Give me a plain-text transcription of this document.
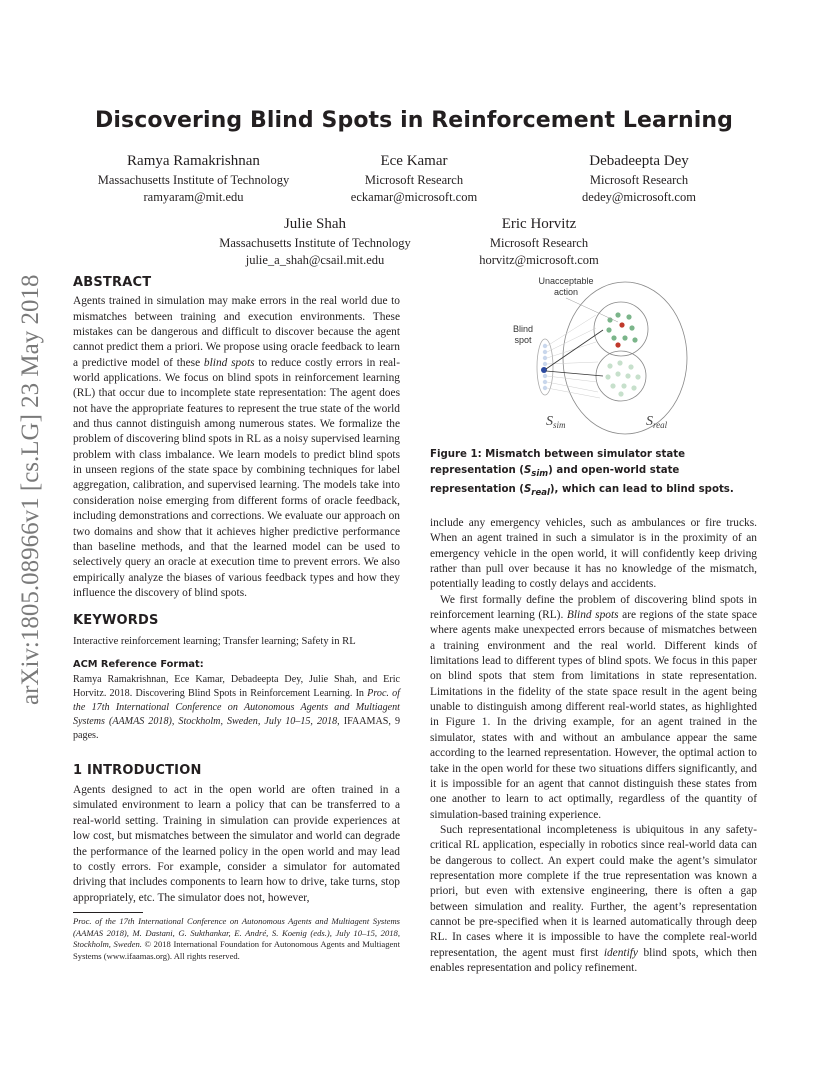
arXiv:1805.08966v1 [cs.LG] 23 May 2018
Discovering Blind Spots in Reinforcement Learning
Ramya Ramakrishnan
Massachusetts Institute of Technology
ramyaram@mit.edu
Ece Kamar
Microsoft Research
eckamar@microsoft.com
Debadeepta Dey
Microsoft Research
dedey@microsoft.com
Julie Shah
Massachusetts Institute of Technology
julie_a_shah@csail.mit.edu
Eric Horvitz
Microsoft Research
horvitz@microsoft.com
ABSTRACT

Agents trained in simulation may make errors in the real world due to mismatches between training and execution environments. These mistakes can be dangerous and difficult to discover because the agent cannot predict them a priori. We propose using oracle feedback to learn a predictive model of these blind spots to reduce costly errors in real-world applications. We focus on blind spots in reinforcement learning (RL) that occur due to incomplete state representation: The agent does not have the appropriate features to represent the true state of the world and thus cannot distinguish among numerous states. We formalize the problem of discovering blind spots in RL as a noisy supervised learning problem with class imbalance. We learn models to predict blind spots in unseen regions of the state space by combining techniques for label aggregation, calibration, and supervised learning. The models take into consideration noise emerging from different forms of oracle feedback, including demonstrations and corrections. We evaluate our approach on two domains and show that it achieves higher predictive performance than baseline methods, and that the learned model can be used to selectively query an oracle at execution time to prevent errors. We also empirically analyze the biases of various feedback types and how they influence the discovery of blind spots.

KEYWORDS

Interactive reinforcement learning; Transfer learning; Safety in RL

ACM Reference Format:

Ramya Ramakrishnan, Ece Kamar, Debadeepta Dey, Julie Shah, and Eric Horvitz. 2018. Discovering Blind Spots in Reinforcement Learning. In Proc. of the 17th International Conference on Autonomous Agents and Multiagent Systems (AAMAS 2018), Stockholm, Sweden, July 10–15, 2018, IFAAMAS, 9 pages.

1 INTRODUCTION

Agents designed to act in the open world are often trained in a simulated environment to learn a policy that can be transferred to a real-world setting. Training in simulation can provide experiences at low cost, but mismatches between the simulator and world can degrade the performance of the learned policy in the open world and may lead to costly errors. For example, consider a simulator for automated driving that includes components to learn how to drive, take turns, stop appropriately, etc. The simulator does not, however,

Proc. of the 17th International Conference on Autonomous Agents and Multiagent Systems (AAMAS 2018), M. Dastani, G. Sukthankar, E. André, S. Koenig (eds.), July 10–15, 2018, Stockholm, Sweden. © 2018 International Foundation for Autonomous Agents and Multiagent Systems (www.ifaamas.org). All rights reserved.
Unacceptable
action
Blind
spot
$S_{sim}$	$S_{real}$
Figure 1: Mismatch between simulator state representation $(S_{sim})$ and open-world state representation $(S_{real})$, which can lead to blind spots.

include any emergency vehicles, such as ambulances or fire trucks. When an agent trained in such a simulator is in the proximity of an emergency vehicle in the open world, it will confidently keep driving rather than pull over because it has no knowledge of the mismatch, potentially leading to costly delays and accidents.

We first formally define the problem of discovering blind spots in reinforcement learning (RL). Blind spots are regions of the state space where agents make unexpected errors because of mismatches between a training environment and the real world. Different kinds of limitations lead to different types of blind spots. We focus in this paper on blind spots that stem from limitations in state representation. Limitations in the fidelity of the state space result in the agent being unable to distinguish among different real-world states, as highlighted in Figure 1. In the driving example, for an agent trained in the simulator, states with and without an ambulance appear the same according to the learned representation. However, the optimal action to take in the open world for these two situations differs significantly, and it is impossible for an agent that cannot distinguish these states from one another to learn to act optimally, regardless of the quantity of simulation-based training experience.

Such representational incompleteness is ubiquitous in any safety-critical RL application, especially in robotics since real-world data can be dangerous to collect. An expert could make the agent’s simulator representation more complete if the true representation was known a priori, but even with extensive engineering, there is often a gap between simulation and reality. Further, the agent’s representation cannot be pre-specified when it is learned automatically through deep RL. In cases where it is impossible to have the complete real-world representation, the agent must first identify blind spots, which then enables representation and policy refinement.
